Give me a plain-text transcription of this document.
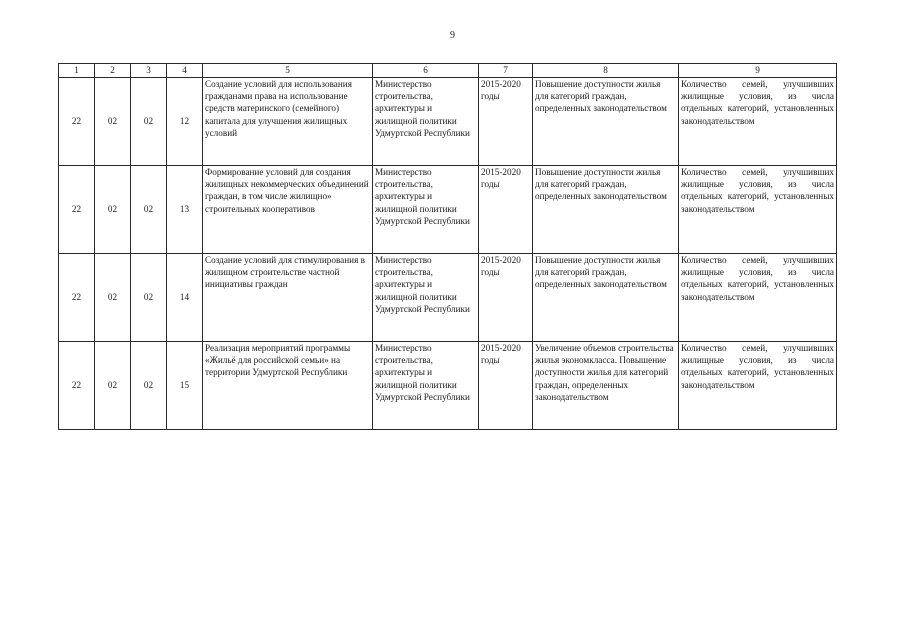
9
1	2	3	4	5	6	7	8	9
22	02	02	12	Создание условий для использования гражданами права на использование средств материнского (семейного) капитала для улучшения жилищных условий	Министерство строительства, архитектуры и жилищной политики Удмуртской Республики	2015-2020 годы	Повышение доступности жилья для категорий граждан, определенных законодательством	Количество семей, улучшивших жилищные условия, из числа отдельных категорий, установленных законодательством
22	02	02	13	Формирование условий для создания жилищных некоммерческих объединений граждан, в том числе жилищно» строительных кооперативов	Министерство строительства, архитектуры и жилищной политики Удмуртской Республики	2015-2020 годы	Повышение доступности жилья для категорий граждан, определенных законодательством	Количество семей, улучшивших жилищные условия, из числа отдельных категорий, установленных законодательством
22	02	02	14	Создание условий для стимулирования в жилищном строительстве частной инициативы граждан	Министерство строительства, архитектуры и жилищной политики Удмуртской Республики	2015-2020 годы	Повышение доступности жилья для категорий граждан, определенных законодательством	Количество семей, улучшивших жилищные условия, из числа отдельных категорий, установленных законодательством
22	02	02	15	Реализация мероприятий программы «Жильё для российской семьи» на территории Удмуртской Республики	Министерство строительства, архитектуры и жилищной политики Удмуртской Республики	2015-2020 годы	Увеличение объемов строительства жилья экономкласса. Повышение доступности жилья для категорий граждан, определенных законодательством	Количество семей, улучшивших жилищные условия, из числа отдельных категорий, установленных законодательством
